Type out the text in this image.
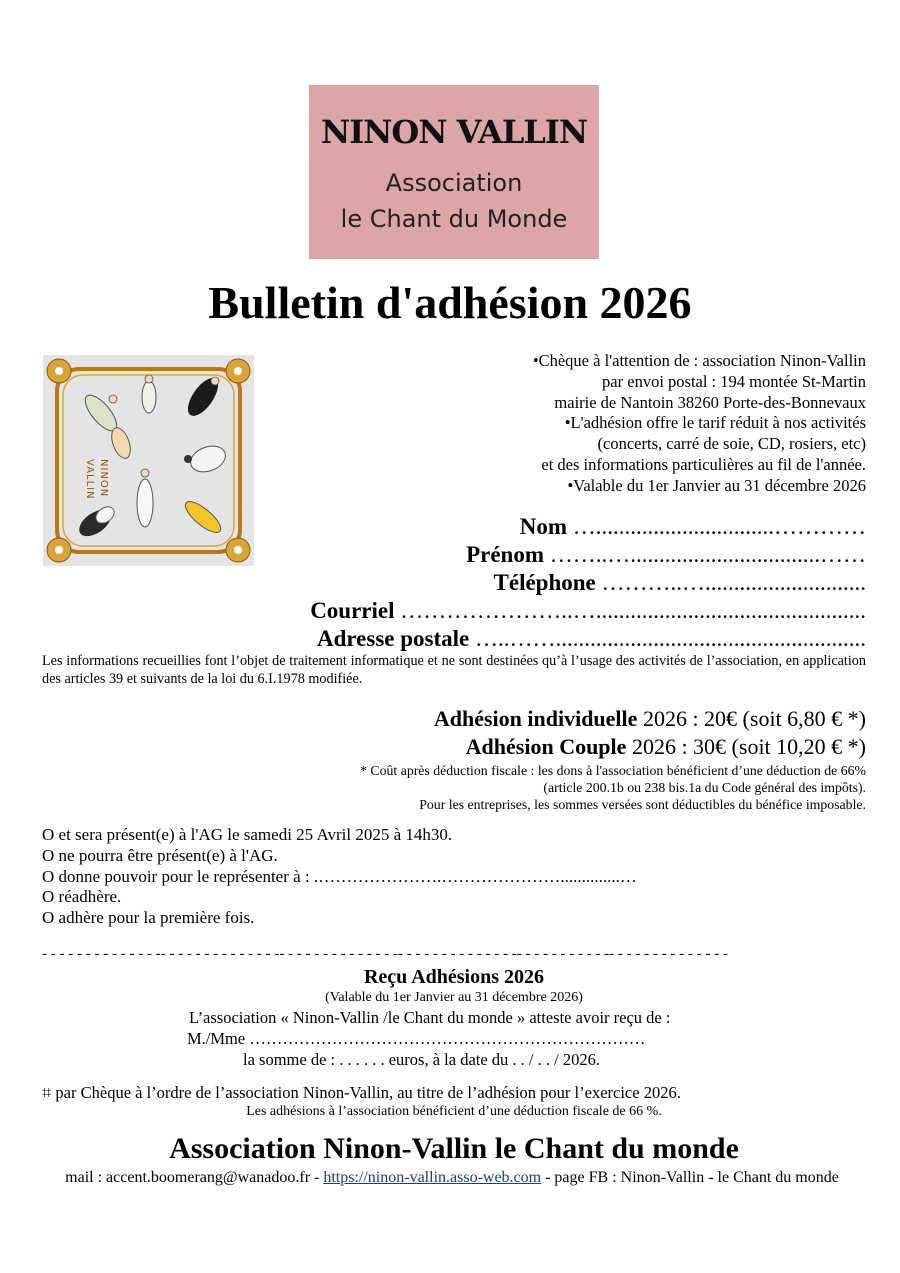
NINON VALLIN
Association
le Chant du Monde
Bulletin d'adhésion 2026
NINON
VALLIN
•Chèque à l'attention de : association Ninon-Vallin
par envoi postal : 194 montée St-Martin
mairie de Nantoin 38260 Porte-des-Bonnevaux
•L'adhésion offre le tarif réduit à nos activités
(concerts, carré de soie, CD, rosiers, etc)
et des informations particulières au fil de l'année.
•Valable du 1er Janvier au 31 décembre 2026
Nom …...............................…………
Prénom ……..….................................……
Téléphone ………..…............................
Courriel …………………..…...............................................
Adresse postale …..……......................................................
Les informations recueillies font l’objet de traitement informatique et ne sont destinées qu’à l’usage des activités de l’association, en application des articles 39 et suivants de la loi du 6.I.1978 modifiée.
Adhésion individuelle 2026 : 20€ (soit 6,80 € *)
Adhésion Couple 2026 : 30€ (soit 10,20 € *)
* Coût après déduction fiscale : les dons à l'association bénéficient d’une déduction de 66%
(article 200.1b ou 238 bis.1a du Code général des impôts).
Pour les entreprises, les sommes versées sont déductibles du bénéfice imposable.
O et sera présent(e) à l'AG le samedi 25 Avril 2025 à 14h30.
O ne pourra être présent(e) à l'AG.
O donne pouvoir pour le représenter à : .………………….…………………..............…
O réadhère.
O adhère pour la première fois.
- - - - - - - - - - - - - -- - - - - - - - - - - - - -- - - - - - - - - - - - - -- - - - - - - - - - - - - -- - - - - - - - - - -- - - - - - - - - - - - - -
Reçu Adhésions 2026
(Valable du 1er Janvier au 31 décembre 2026)
L’association « Ninon-Vallin /le Chant du monde » atteste avoir reçu de :
M./Mme ………………………………………………………………
la somme de : . . . . . . euros, à la date du . . / . . / 2026.
⌗ par Chèque à l’ordre de l’association Ninon-Vallin, au titre de l’adhésion pour l’exercice 2026.
Les adhésions à l’association bénéficient d’une déduction fiscale de 66 %.
Association Ninon-Vallin le Chant du monde
mail : accent.boomerang@wanadoo.fr - https://ninon-vallin.asso-web.com - page FB : Ninon-Vallin - le Chant du monde
